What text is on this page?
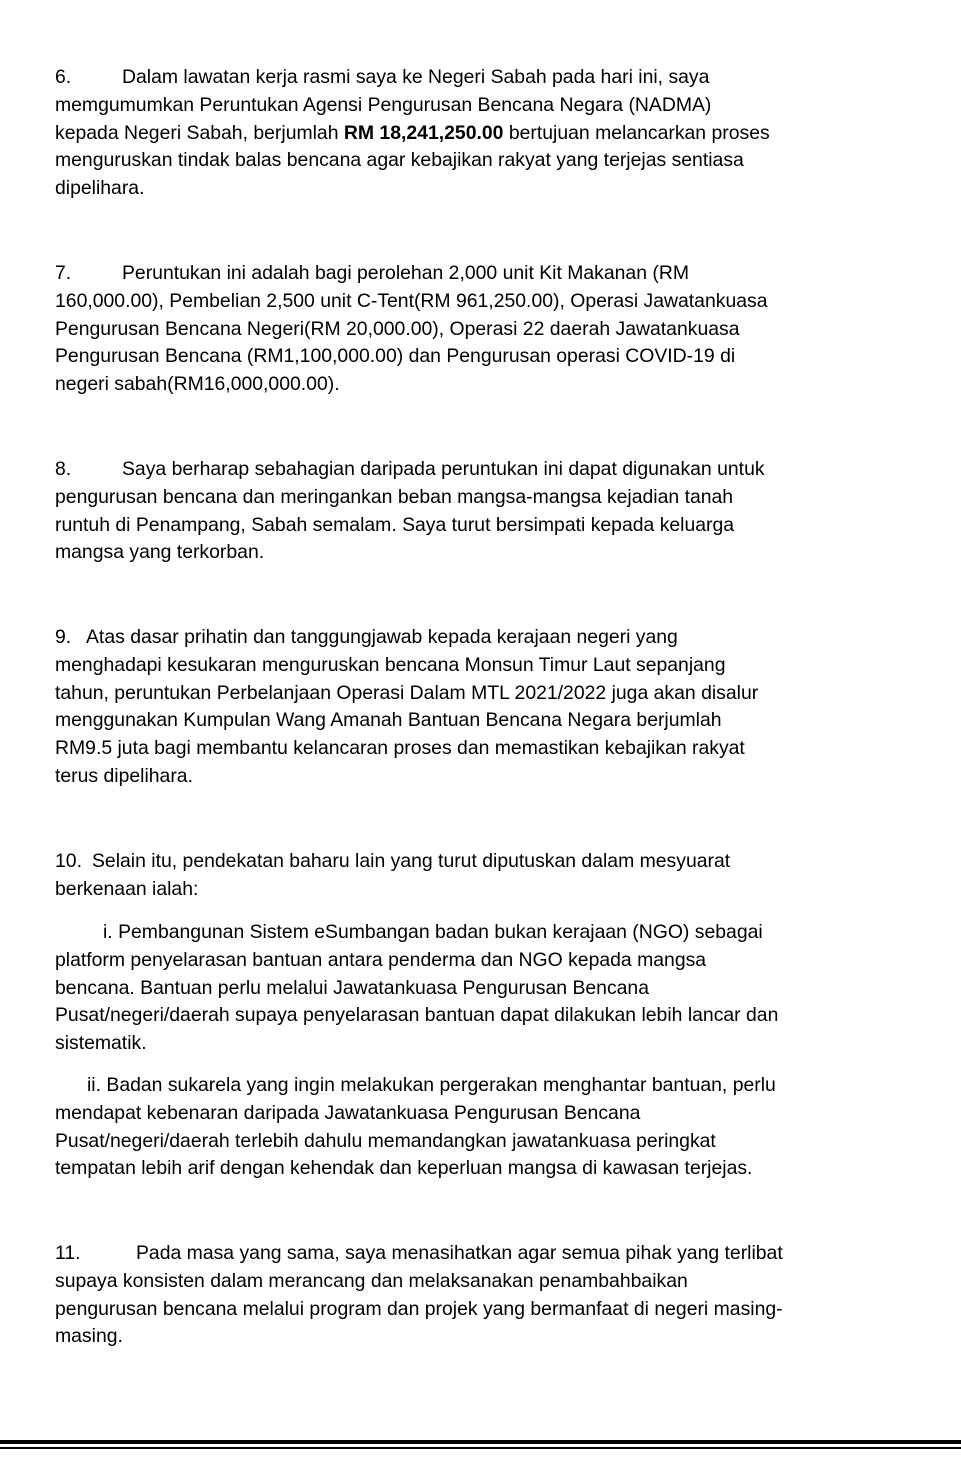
6.	Dalam lawatan kerja rasmi saya ke Negeri Sabah pada hari ini, saya
memgumumkan Peruntukan Agensi Pengurusan Bencana Negara (NADMA)
kepada Negeri Sabah, berjumlah RM 18,241,250.00 bertujuan melancarkan proses
menguruskan tindak balas bencana agar kebajikan rakyat yang terjejas sentiasa
dipelihara.
7.	Peruntukan ini adalah bagi perolehan 2,000 unit Kit Makanan (RM
160,000.00), Pembelian 2,500 unit C-Tent(RM 961,250.00), Operasi Jawatankuasa
Pengurusan Bencana Negeri(RM 20,000.00), Operasi 22 daerah Jawatankuasa
Pengurusan Bencana (RM1,100,000.00) dan Pengurusan operasi COVID-19 di
negeri sabah(RM16,000,000.00).
8.	Saya berharap sebahagian daripada peruntukan ini dapat digunakan untuk
pengurusan bencana dan meringankan beban mangsa-mangsa kejadian tanah
runtuh di Penampang, Sabah semalam. Saya turut bersimpati kepada keluarga
mangsa yang terkorban.
9. Atas dasar prihatin dan tanggungjawab kepada kerajaan negeri yang
menghadapi kesukaran menguruskan bencana Monsun Timur Laut sepanjang
tahun, peruntukan Perbelanjaan Operasi Dalam MTL 2021/2022 juga akan disalur
menggunakan Kumpulan Wang Amanah Bantuan Bencana Negara berjumlah
RM9.5 juta bagi membantu kelancaran proses dan memastikan kebajikan rakyat
terus dipelihara.
10. Selain itu, pendekatan baharu lain yang turut diputuskan dalam mesyuarat
berkenaan ialah:
i. Pembangunan Sistem eSumbangan badan bukan kerajaan (NGO) sebagai
platform penyelarasan bantuan antara penderma dan NGO kepada mangsa
bencana. Bantuan perlu melalui Jawatankuasa Pengurusan Bencana
Pusat/negeri/daerah supaya penyelarasan bantuan dapat dilakukan lebih lancar dan
sistematik.
ii. Badan sukarela yang ingin melakukan pergerakan menghantar bantuan, perlu
mendapat kebenaran daripada Jawatankuasa Pengurusan Bencana
Pusat/negeri/daerah terlebih dahulu memandangkan jawatankuasa peringkat
tempatan lebih arif dengan kehendak dan keperluan mangsa di kawasan terjejas.
11.	Pada masa yang sama, saya menasihatkan agar semua pihak yang terlibat
supaya konsisten dalam merancang dan melaksanakan penambahbaikan
pengurusan bencana melalui program dan projek yang bermanfaat di negeri masing-
masing.
